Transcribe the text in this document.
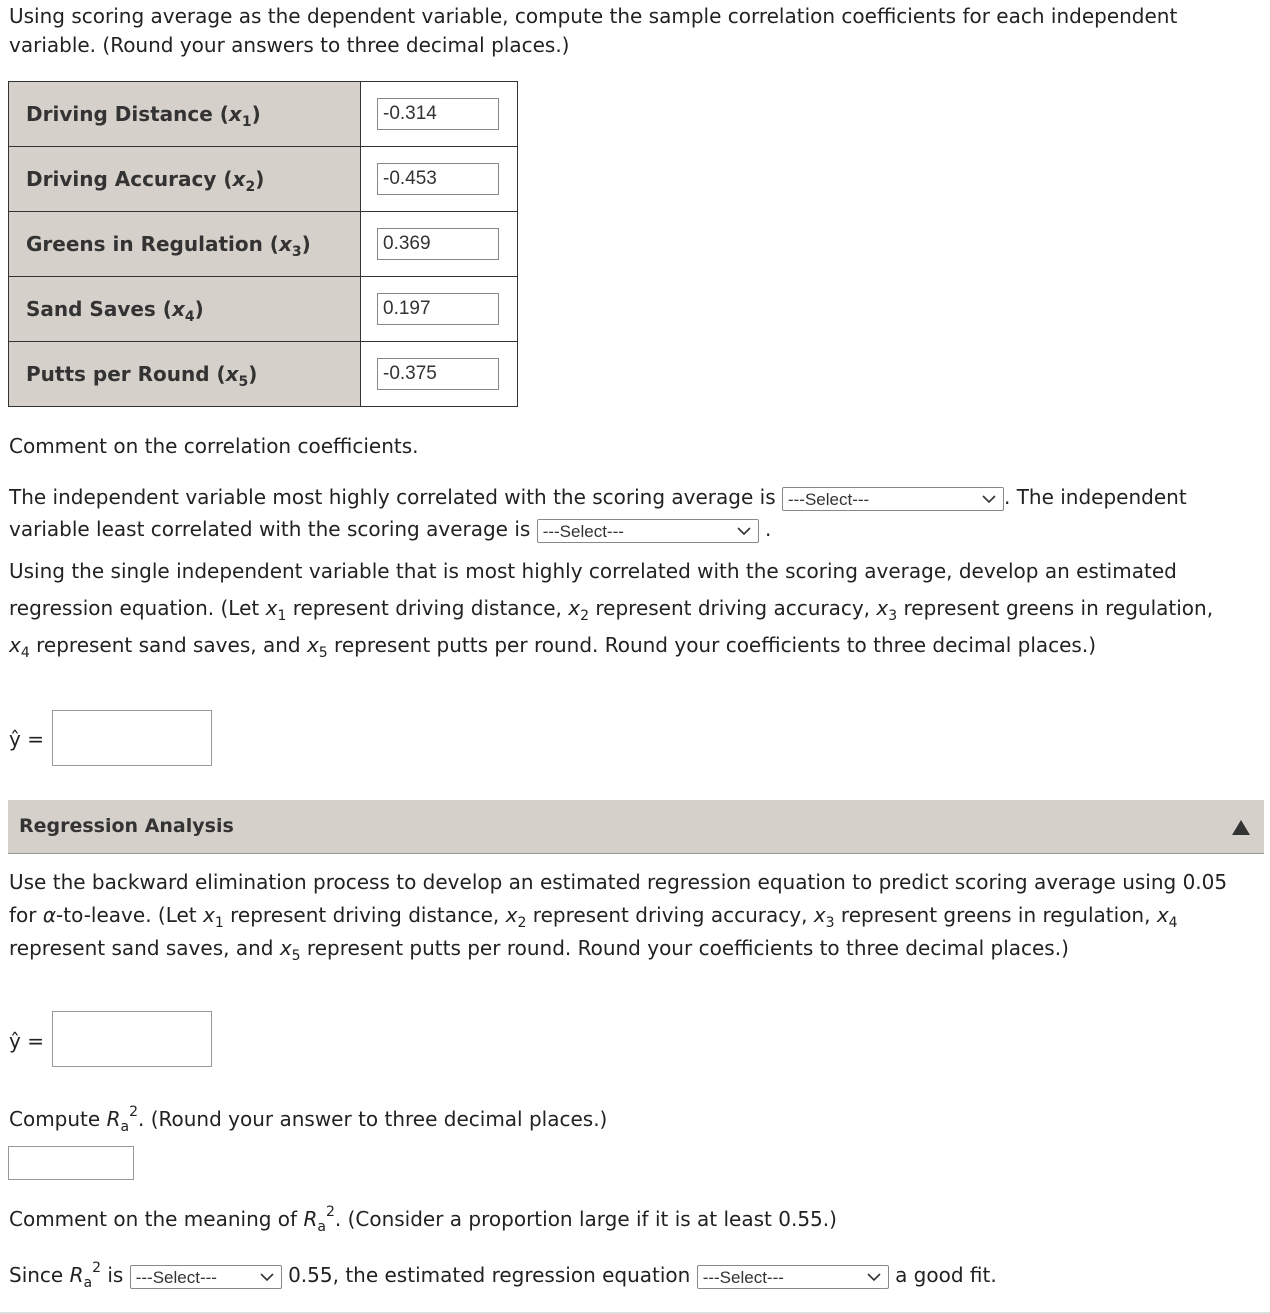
Using scoring average as the dependent variable, compute the sample correlation coefficients for each independent variable. (Round your answers to three decimal places.)
Driving Distance $(x_1)$	-0.314
Driving Accuracy $(x_2)$	-0.453
Greens in Regulation $(x_3)$	0.369
Sand Saves $(x_4)$	0.197
Putts per Round $(x_5)$	-0.375
Comment on the correlation coefficients.
The independent variable most highly correlated with the scoring average is ---Select---	. The independent
variable least correlated with the scoring average is ---Select---	.
Using the single independent variable that is most highly correlated with the scoring average, develop an estimated regression equation. (Let $x_1$ represent driving distance, $x_2$ represent driving accuracy, $x_3$ represent greens in regulation, $x_4$ represent sand saves, and $x_5$ represent putts per round. Round your coefficients to three decimal places.)
ŷ =
Regression Analysis
Use the backward elimination process to develop an estimated regression equation to predict scoring average using 0.05 for α-to-leave. (Let $x_1$ represent driving distance, $x_2$ represent driving accuracy, $x_3$ represent greens in regulation, $x_4$ represent sand saves, and $x_5$ represent putts per round. Round your coefficients to three decimal places.)
ŷ =
Compute $R_a^2$. (Round your answer to three decimal places.)
Comment on the meaning of $R_a^2$. (Consider a proportion large if it is at least 0.55.)
Since $R_a^2$ is ---Select---	0.55, the estimated regression equation ---Select---	a good fit.
